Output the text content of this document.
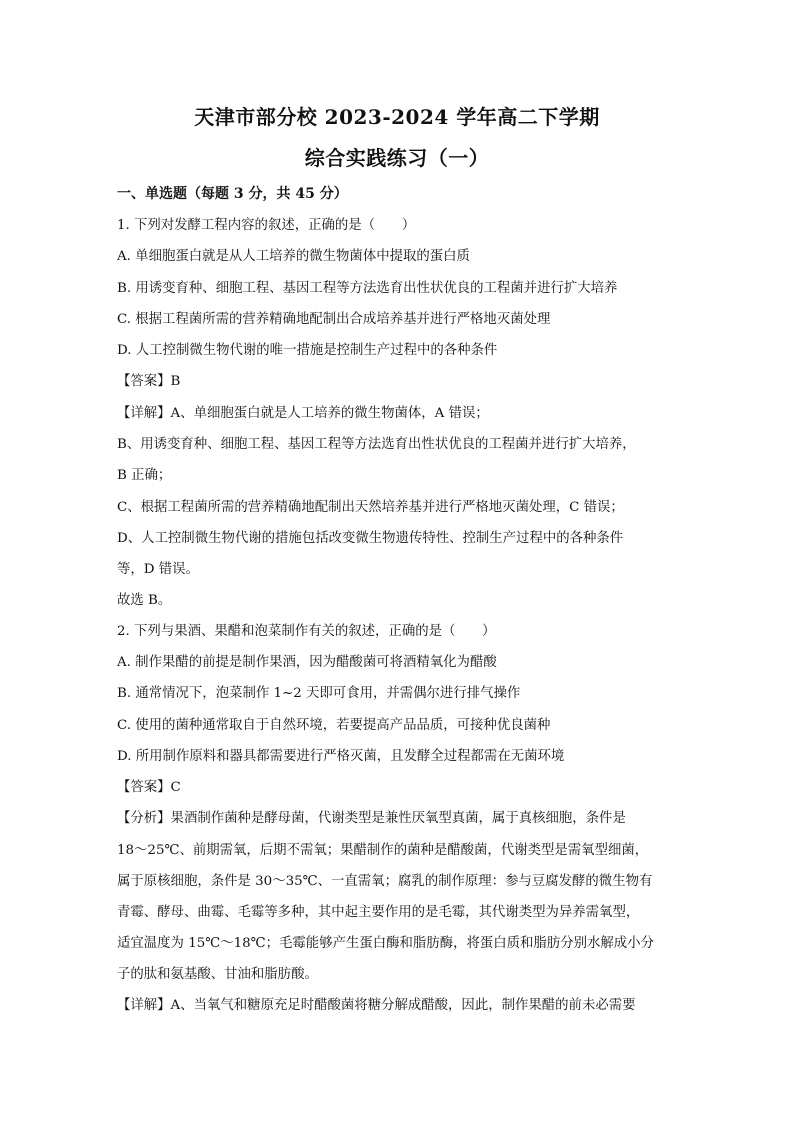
天津市部分校 2023-2024 学年高二下学期
综合实践练习（一）
一、单选题（每题 3 分，共 45 分）
1. 下列对发酵工程内容的叙述，正确的是（　　）
A. 单细胞蛋白就是从人工培养的微生物菌体中提取的蛋白质
B. 用诱变育种、细胞工程、基因工程等方法选育出性状优良的工程菌并进行扩大培养
C. 根据工程菌所需的营养精确地配制出合成培养基并进行严格地灭菌处理
D. 人工控制微生物代谢的唯一措施是控制生产过程中的各种条件
【答案】B
【详解】A、单细胞蛋白就是人工培养的微生物菌体，A 错误；
B、用诱变育种、细胞工程、基因工程等方法选育出性状优良的工程菌并进行扩大培养，
B 正确；
C、根据工程菌所需的营养精确地配制出天然培养基并进行严格地灭菌处理，C 错误；
D、人工控制微生物代谢的措施包括改变微生物遗传特性、控制生产过程中的各种条件
等，D 错误。
故选 B。
2. 下列与果酒、果醋和泡菜制作有关的叙述，正确的是（　　）
A. 制作果醋的前提是制作果酒，因为醋酸菌可将酒精氧化为醋酸
B. 通常情况下，泡菜制作 1~2 天即可食用，并需偶尔进行排气操作
C. 使用的菌种通常取自于自然环境，若要提高产品品质，可接种优良菌种
D. 所用制作原料和器具都需要进行严格灭菌，且发酵全过程都需在无菌环境
【答案】C
【分析】果酒制作菌种是酵母菌，代谢类型是兼性厌氧型真菌，属于真核细胞，条件是
18～25℃、前期需氧，后期不需氧；果醋制作的菌种是醋酸菌，代谢类型是需氧型细菌，
属于原核细胞，条件是 30～35℃、一直需氧；腐乳的制作原理：参与豆腐发酵的微生物有
青霉、酵母、曲霉、毛霉等多种，其中起主要作用的是毛霉，其代谢类型为异养需氧型，
适宜温度为 15℃～18℃；毛霉能够产生蛋白酶和脂肪酶，将蛋白质和脂肪分别水解成小分
子的肽和氨基酸、甘油和脂肪酸。
【详解】A、当氧气和糖原充足时醋酸菌将糖分解成醋酸，因此，制作果醋的前未必需要
